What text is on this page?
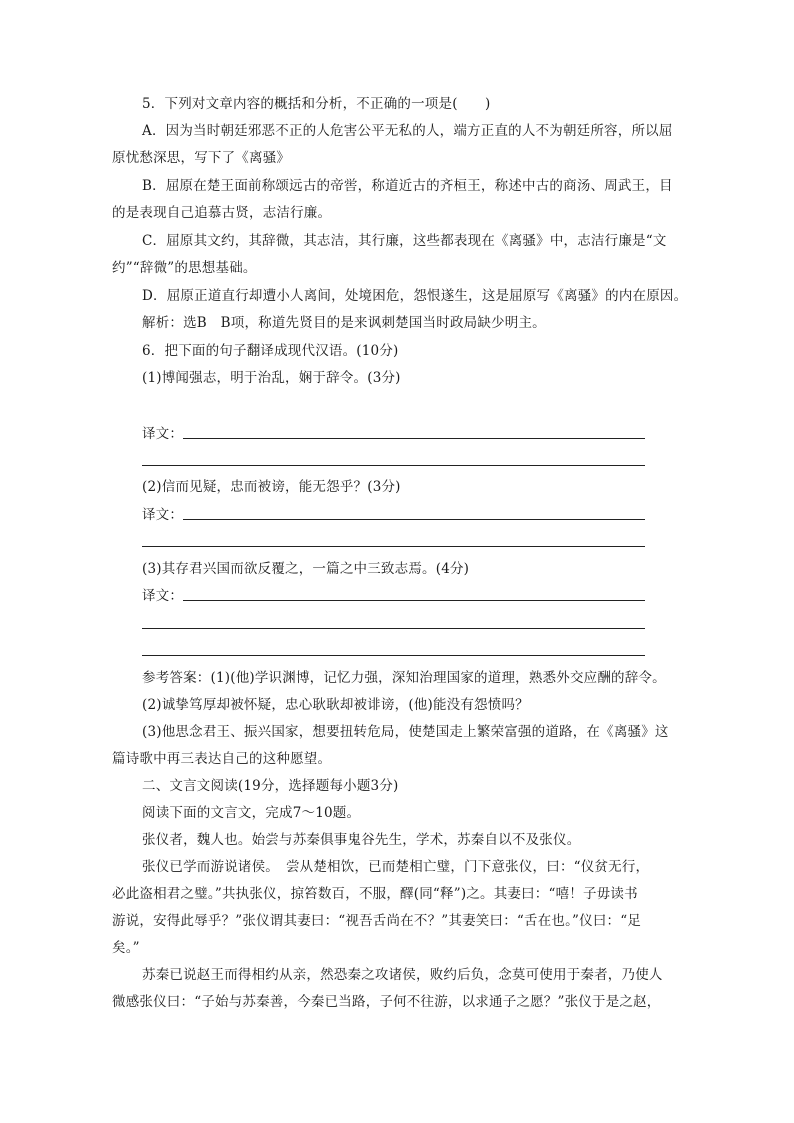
5．下列对文章内容的概括和分析，不正确的一项是(　　)
A．因为当时朝廷邪恶不正的人危害公平无私的人，端方正直的人不为朝廷所容，所以屈
原忧愁深思，写下了《离骚》
B．屈原在楚王面前称颂远古的帝喾，称道近古的齐桓王，称述中古的商汤、周武王，目
的是表现自己追慕古贤，志洁行廉。
C．屈原其文约，其辞微，其志洁，其行廉，这些都表现在《离骚》中，志洁行廉是“文
约”“辞微”的思想基础。
D．屈原正道直行却遭小人离间，处境困危，怨恨遂生，这是屈原写《离骚》的内在原因。
解析：选B　B项，称道先贤目的是来讽刺楚国当时政局缺少明主。
6．把下面的句子翻译成现代汉语。(10分)
(1)博闻强志，明于治乱，娴于辞令。(3分)
译文：
(2)信而见疑，忠而被谤，能无怨乎？(3分)
译文：
(3)其存君兴国而欲反覆之，一篇之中三致志焉。(4分)
译文：
参考答案：(1)(他)学识渊博，记忆力强，深知治理国家的道理，熟悉外交应酬的辞令。
(2)诚挚笃厚却被怀疑，忠心耿耿却被诽谤，(他)能没有怨愤吗？
(3)他思念君王、振兴国家，想要扭转危局，使楚国走上繁荣富强的道路，在《离骚》这
篇诗歌中再三表达自己的这种愿望。
二、文言文阅读(19分，选择题每小题3分)
阅读下面的文言文，完成7～10题。
张仪者，魏人也。始尝与苏秦俱事鬼谷先生，学术，苏秦自以不及张仪。
张仪已学而游说诸侯。　尝从楚相饮，已而楚相亡璧，门下意张仪，曰：“仪贫无行，
必此盗相君之璧。”共执张仪，掠笞数百，不服，醳(同“释”)之。其妻曰：“嘻！子毋读书
游说，安得此辱乎？”张仪谓其妻曰：“视吾舌尚在不？”其妻笑曰：“舌在也。”仪曰：“足
矣。”
苏秦已说赵王而得相约从亲，然恐秦之攻诸侯，败约后负，念莫可使用于秦者，乃使人
微感张仪曰：“子始与苏秦善，今秦已当路，子何不往游，以求通子之愿？”张仪于是之赵，
